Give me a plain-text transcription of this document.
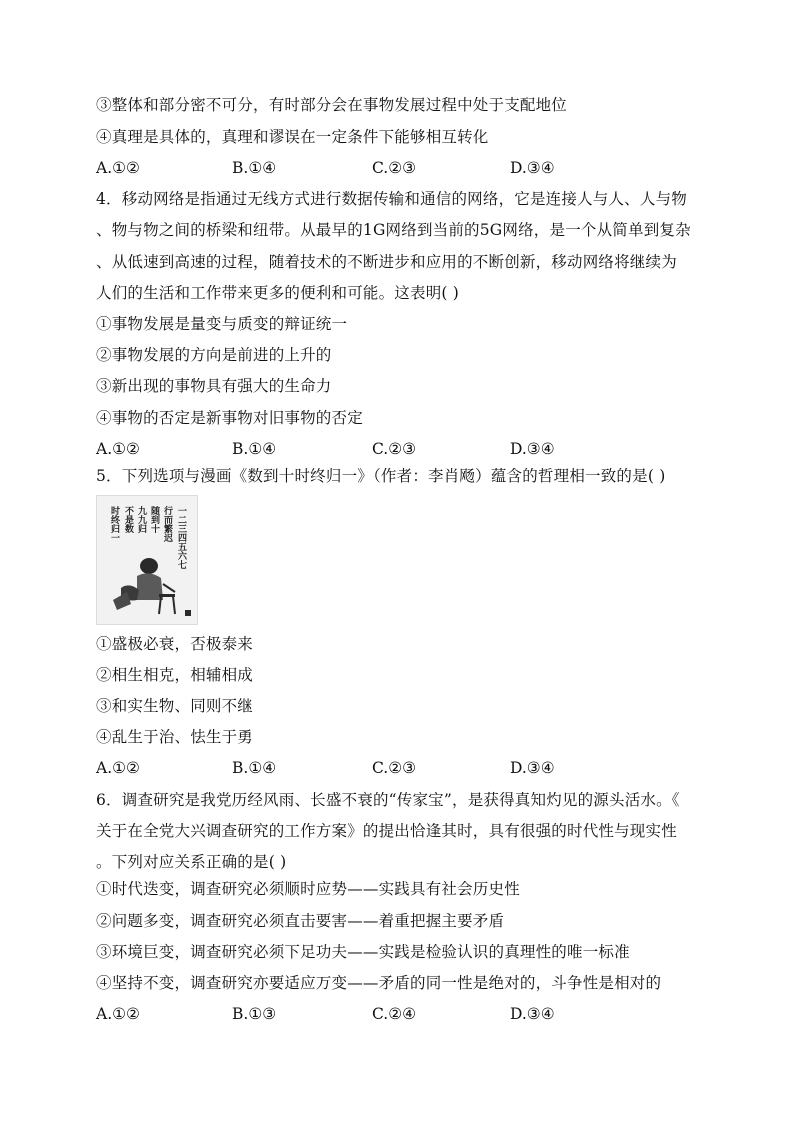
③整体和部分密不可分，有时部分会在事物发展过程中处于支配地位
④真理是具体的，真理和谬误在一定条件下能够相互转化
A.①②	B.①④	C.②③	D.③④
4．移动网络是指通过无线方式进行数据传输和通信的网络，它是连接人与人、人与物
、物与物之间的桥梁和纽带。从最早的1G网络到当前的5G网络，是一个从简单到复杂
、从低速到高速的过程，随着技术的不断进步和应用的不断创新，移动网络将继续为
人们的生活和工作带来更多的便利和可能。这表明( )
①事物发展是量变与质变的辩证统一
②事物发展的方向是前进的上升的
③新出现的事物具有强大的生命力
④事物的否定是新事物对旧事物的否定
A.①②	B.①④	C.②③	D.③④
5．下列选项与漫画《数到十时终归一》（作者：李肖飏）蕴含的哲理相一致的是( )
一二三四五六七
行而繁迟
随到十
九九归
不是数
时终归一
①盛极必衰，否极泰来
②相生相克，相辅相成
③和实生物、同则不继
④乱生于治、怯生于勇
A.①②	B.①④	C.②③	D.③④
6．调查研究是我党历经风雨、长盛不衰的“传家宝”，是获得真知灼见的源头活水。《
关于在全党大兴调查研究的工作方案》的提出恰逢其时，具有很强的时代性与现实性
。下列对应关系正确的是( )
①时代迭变，调查研究必须顺时应势——实践具有社会历史性
②问题多变，调查研究必须直击要害——着重把握主要矛盾
③环境巨变，调查研究必须下足功夫——实践是检验认识的真理性的唯一标准
④坚持不变，调查研究亦要适应万变——矛盾的同一性是绝对的，斗争性是相对的
A.①②	B.①③	C.②④	D.③④
